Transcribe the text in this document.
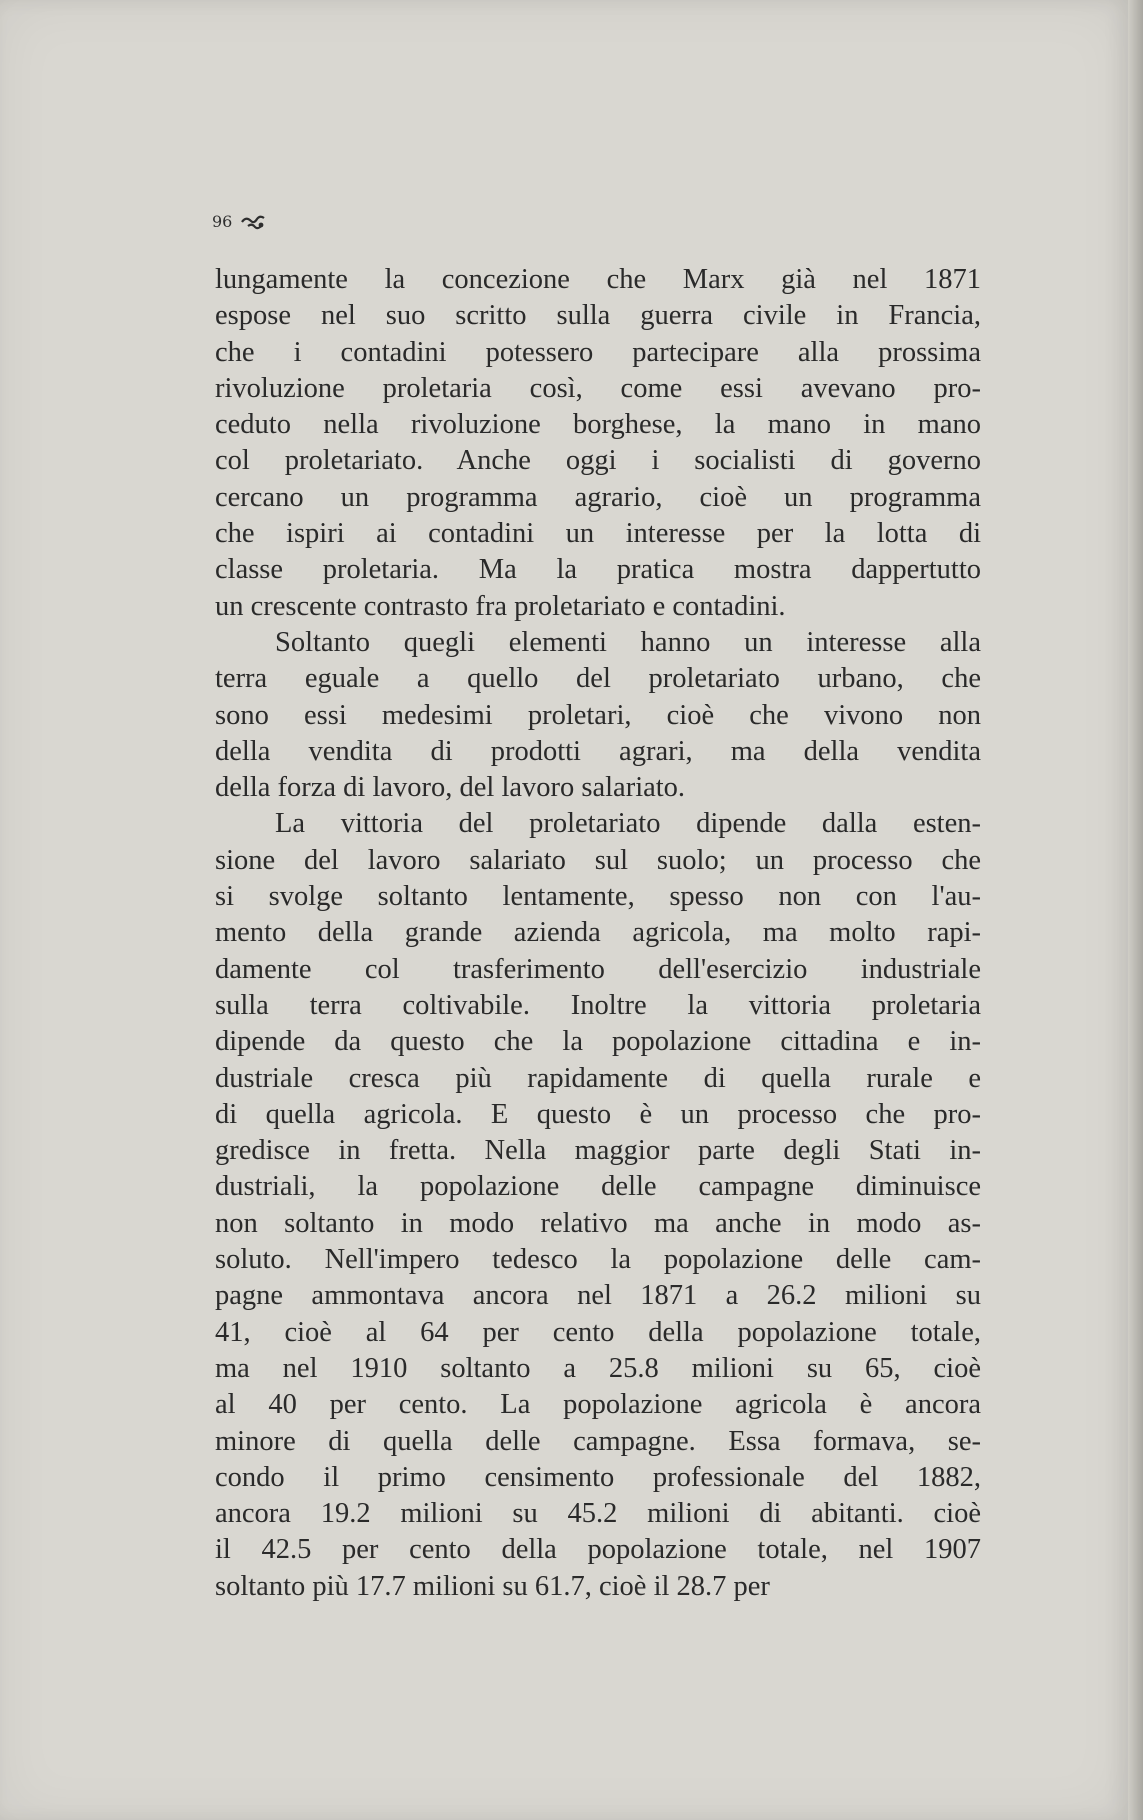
96

lungamente la concezione che Marx già nel 1871
espose nel suo scritto sulla guerra civile in Francia,
che i contadini potessero partecipare alla prossima
rivoluzione proletaria così, come essi avevano pro-
ceduto nella rivoluzione borghese, la mano in mano
col proletariato. Anche oggi i socialisti di governo
cercano un programma agrario, cioè un programma
che ispiri ai contadini un interesse per la lotta di
classe proletaria. Ma la pratica mostra dappertutto
un crescente contrasto fra proletariato e contadini.

Soltanto quegli elementi hanno un interesse alla
terra eguale a quello del proletariato urbano, che
sono essi medesimi proletari, cioè che vivono non
della vendita di prodotti agrari, ma della vendita
della forza di lavoro, del lavoro salariato.

La vittoria del proletariato dipende dalla esten-
sione del lavoro salariato sul suolo; un processo che
si svolge soltanto lentamente, spesso non con l'au-
mento della grande azienda agricola, ma molto rapi-
damente col trasferimento dell'esercizio industriale
sulla terra coltivabile. Inoltre la vittoria proletaria
dipende da questo che la popolazione cittadina e in-
dustriale cresca più rapidamente di quella rurale e
di quella agricola. E questo è un processo che pro-
gredisce in fretta. Nella maggior parte degli Stati in-
dustriali, la popolazione delle campagne diminuisce
non soltanto in modo relativo ma anche in modo as-
soluto. Nell'impero tedesco la popolazione delle cam-
pagne ammontava ancora nel 1871 a 26.2 milioni su
41, cioè al 64 per cento della popolazione totale,
ma nel 1910 soltanto a 25.8 milioni su 65, cioè
al 40 per cento. La popolazione agricola è ancora
minore di quella delle campagne. Essa formava, se-
condo il primo censimento professionale del 1882,
ancora 19.2 milioni su 45.2 milioni di abitanti. cioè
il 42.5 per cento della popolazione totale, nel 1907
soltanto più 17.7 milioni su 61.7, cioè il 28.7 per
